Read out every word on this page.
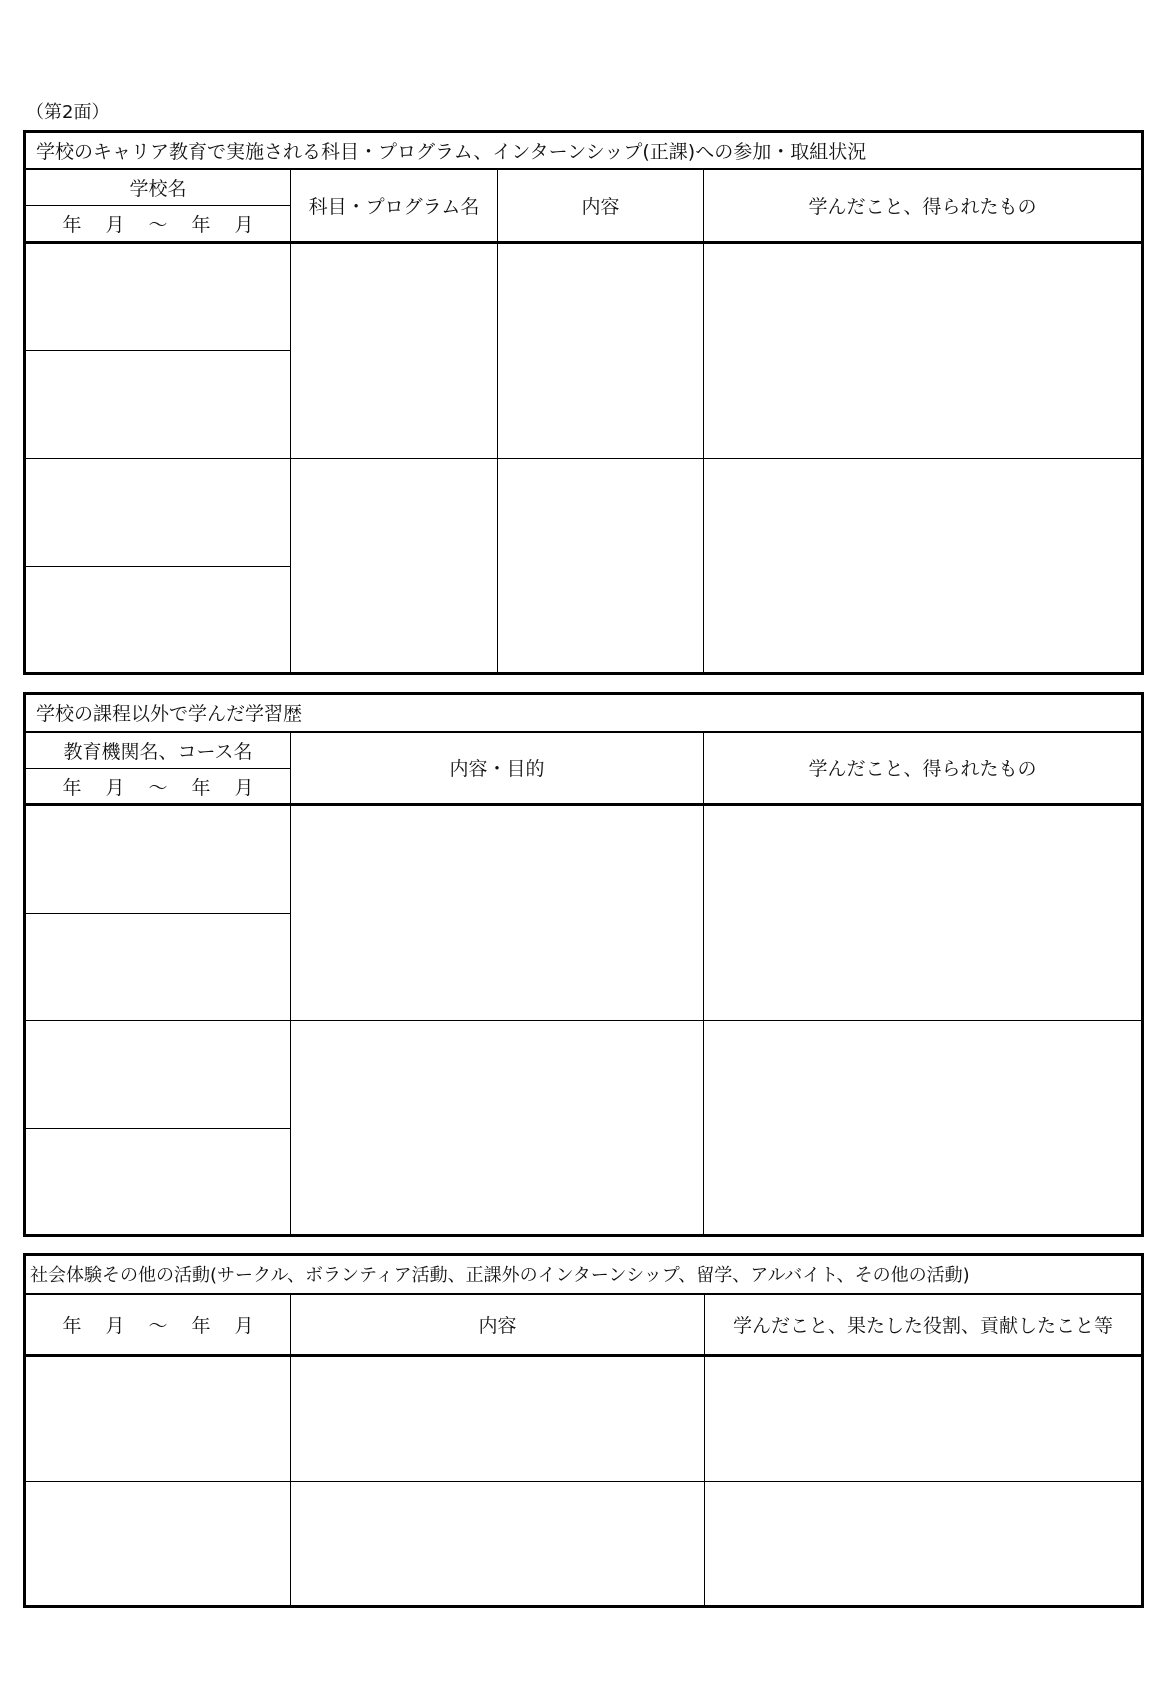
（第2面）
学校のキャリア教育で実施される科目・プログラム、インターンシップ(正課)への参加・取組状況			
学校名	科目・プログラム名	内容	学んだこと、得られたもの
年 月 ～ 年 月			

学校の課程以外で学んだ学習歴		
教育機関名、コース名	内容・目的	学んだこと、得られたもの
年 月 ～ 年 月		

社会体験その他の活動(サークル、ボランティア活動、正課外のインターンシップ、留学、アルバイト、その他の活動)		
年 月 ～ 年 月	内容	学んだこと、果たした役割、貢献したこと等
